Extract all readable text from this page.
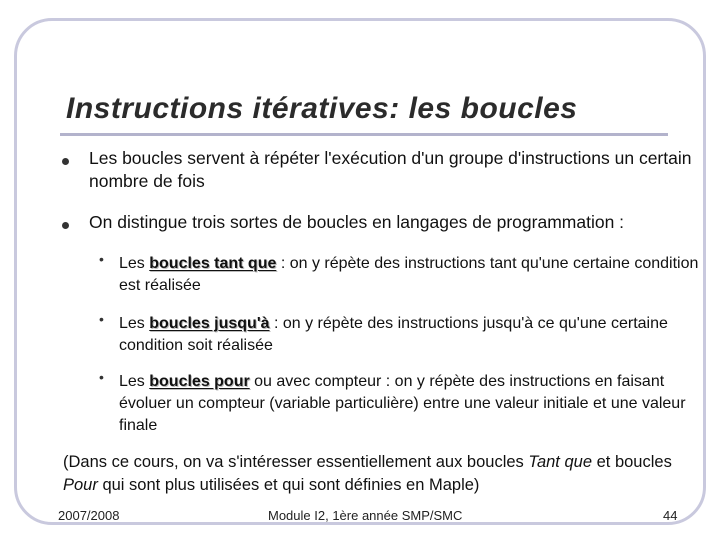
Instructions itératives: les boucles
Les boucles servent à répéter l'exécution d'un groupe d'instructions un certain nombre de fois
On distingue trois sortes de boucles en langages de programmation :
• Les boucles tant que : on y répète des instructions tant qu'une certaine condition est réalisée
• Les boucles jusqu'à : on y répète des instructions jusqu'à ce qu'une certaine condition soit réalisée
• Les boucles pour ou avec compteur : on y répète des instructions en faisant évoluer un compteur (variable particulière) entre une valeur initiale et une valeur finale
(Dans ce cours, on va s'intéresser essentiellement aux boucles Tant que et boucles Pour qui sont plus utilisées et qui sont définies en Maple)
2007/2008	Module I2, 1ère année SMP/SMC	44
